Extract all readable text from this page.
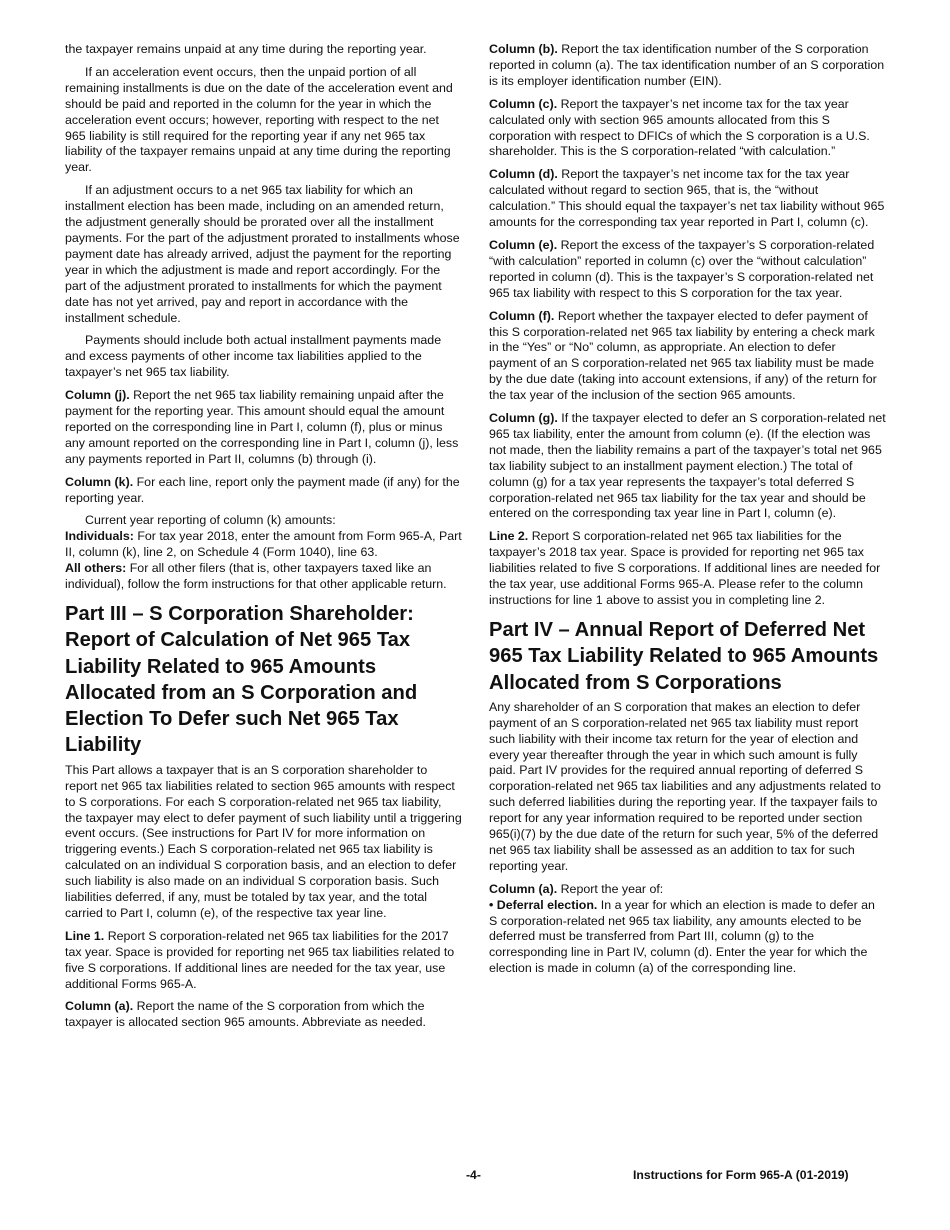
the taxpayer remains unpaid at any time during the reporting year.

If an acceleration event occurs, then the unpaid portion of all remaining installments is due on the date of the acceleration event and should be paid and reported in the column for the year in which the acceleration event occurs; however, reporting with respect to the net 965 liability is still required for the reporting year if any net 965 tax liability of the taxpayer remains unpaid at any time during the reporting year.

If an adjustment occurs to a net 965 tax liability for which an installment election has been made, including on an amended return, the adjustment generally should be prorated over all the installment payments. For the part of the adjustment prorated to installments whose payment date has already arrived, adjust the payment for the reporting year in which the adjustment is made and report accordingly. For the part of the adjustment prorated to installments for which the payment date has not yet arrived, pay and report in accordance with the installment schedule.

Payments should include both actual installment payments made and excess payments of other income tax liabilities applied to the taxpayer’s net 965 tax liability.

Column (j). Report the net 965 tax liability remaining unpaid after the payment for the reporting year. This amount should equal the amount reported on the corresponding line in Part I, column (f), plus or minus any amount reported on the corresponding line in Part I, column (j), less any payments reported in Part II, columns (b) through (i).

Column (k). For each line, report only the payment made (if any) for the reporting year.

Current year reporting of column (k) amounts:

Individuals: For tax year 2018, enter the amount from Form 965-A, Part II, column (k), line 2, on Schedule 4 (Form 1040), line 63.

All others: For all other filers (that is, other taxpayers taxed like an individual), follow the form instructions for that other applicable return.

Part III – S Corporation Shareholder: Report of Calculation of Net 965 Tax Liability Related to 965 Amounts Allocated from an S Corporation and Election To Defer such Net 965 Tax Liability

This Part allows a taxpayer that is an S corporation shareholder to report net 965 tax liabilities related to section 965 amounts with respect to S corporations. For each S corporation-related net 965 tax liability, the taxpayer may elect to defer payment of such liability until a triggering event occurs. (See instructions for Part IV for more information on triggering events.) Each S corporation-related net 965 tax liability is calculated on an individual S corporation basis, and an election to defer such liability is also made on an individual S corporation basis. Such liabilities deferred, if any, must be totaled by tax year, and the total carried to Part I, column (e), of the respective tax year line.

Line 1. Report S corporation-related net 965 tax liabilities for the 2017 tax year. Space is provided for reporting net 965 tax liabilities related to five S corporations. If additional lines are needed for the tax year, use additional Forms 965-A.

Column (a). Report the name of the S corporation from which the taxpayer is allocated section 965 amounts. Abbreviate as needed.

Column (b). Report the tax identification number of the S corporation reported in column (a). The tax identification number of an S corporation is its employer identification number (EIN).

Column (c). Report the taxpayer’s net income tax for the tax year calculated only with section 965 amounts allocated from this S corporation with respect to DFICs of which the S corporation is a U.S. shareholder. This is the S corporation-related “with calculation.”

Column (d). Report the taxpayer’s net income tax for the tax year calculated without regard to section 965, that is, the “without calculation.” This should equal the taxpayer’s net tax liability without 965 amounts for the corresponding tax year reported in Part I, column (c).

Column (e). Report the excess of the taxpayer’s S corporation-related “with calculation” reported in column (c) over the “without calculation” reported in column (d). This is the taxpayer’s S corporation-related net 965 tax liability with respect to this S corporation for the tax year.

Column (f). Report whether the taxpayer elected to defer payment of this S corporation-related net 965 tax liability by entering a check mark in the “Yes” or “No” column, as appropriate. An election to defer payment of an S corporation-related net 965 tax liability must be made by the due date (taking into account extensions, if any) of the return for the tax year of the inclusion of the section 965 amounts.

Column (g). If the taxpayer elected to defer an S corporation-related net 965 tax liability, enter the amount from column (e). (If the election was not made, then the liability remains a part of the taxpayer’s total net 965 tax liability subject to an installment payment election.) The total of column (g) for a tax year represents the taxpayer’s total deferred S corporation-related net 965 tax liability for the tax year and should be entered on the corresponding tax year line in Part I, column (e).

Line 2. Report S corporation-related net 965 tax liabilities for the taxpayer’s 2018 tax year. Space is provided for reporting net 965 tax liabilities related to five S corporations. If additional lines are needed for the tax year, use additional Forms 965-A. Please refer to the column instructions for line 1 above to assist you in completing line 2.

Part IV – Annual Report of Deferred Net 965 Tax Liability Related to 965 Amounts Allocated from S Corporations

Any shareholder of an S corporation that makes an election to defer payment of an S corporation-related net 965 tax liability must report such liability with their income tax return for the year of election and every year thereafter through the year in which such amount is fully paid. Part IV provides for the required annual reporting of deferred S corporation-related net 965 tax liabilities and any adjustments related to such deferred liabilities during the reporting year. If the taxpayer fails to report for any year information required to be reported under section 965(i)(7) by the due date of the return for such year, 5% of the deferred net 965 tax liability shall be assessed as an addition to tax for such reporting year.

Column (a). Report the year of:

• Deferral election. In a year for which an election is made to defer an S corporation-related net 965 tax liability, any amounts elected to be deferred must be transferred from Part III, column (g) to the corresponding line in Part IV, column (d). Enter the year for which the election is made in column (a) of the corresponding line.

-4-	Instructions for Form 965-A (01-2019)
